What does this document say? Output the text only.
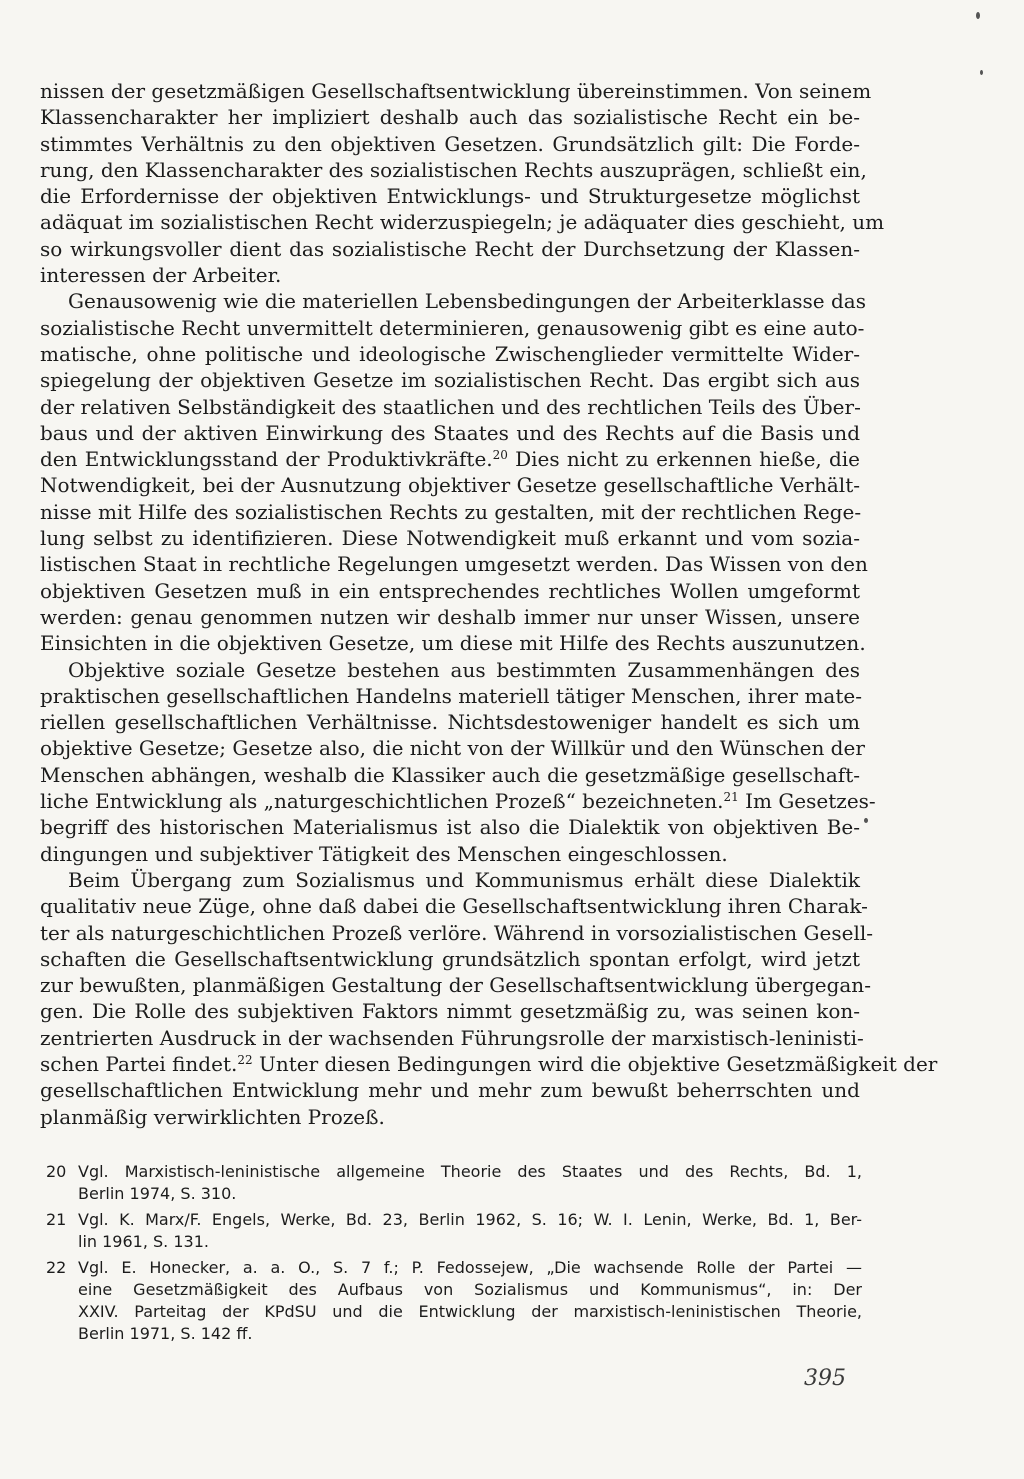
nissen der gesetzmäßigen Gesellschaftsentwicklung übereinstimmen. Von seinem
Klassencharakter her impliziert deshalb auch das sozialistische Recht ein be-
stimmtes Verhältnis zu den objektiven Gesetzen. Grundsätzlich gilt: Die Forde-
rung, den Klassencharakter des sozialistischen Rechts auszuprägen, schließt ein,
die Erfordernisse der objektiven Entwicklungs- und Strukturgesetze möglichst
adäquat im sozialistischen Recht widerzuspiegeln; je adäquater dies geschieht, um
so wirkungsvoller dient das sozialistische Recht der Durchsetzung der Klassen-
interessen der Arbeiter.
Genausowenig wie die materiellen Lebensbedingungen der Arbeiterklasse das
sozialistische Recht unvermittelt determinieren, genausowenig gibt es eine auto-
matische, ohne politische und ideologische Zwischenglieder vermittelte Wider-
spiegelung der objektiven Gesetze im sozialistischen Recht. Das ergibt sich aus
der relativen Selbständigkeit des staatlichen und des rechtlichen Teils des Über-
baus und der aktiven Einwirkung des Staates und des Rechts auf die Basis und
den Entwicklungsstand der Produktivkräfte.$^{20}$ Dies nicht zu erkennen hieße, die
Notwendigkeit, bei der Ausnutzung objektiver Gesetze gesellschaftliche Verhält-
nisse mit Hilfe des sozialistischen Rechts zu gestalten, mit der rechtlichen Rege-
lung selbst zu identifizieren. Diese Notwendigkeit muß erkannt und vom sozia-
listischen Staat in rechtliche Regelungen umgesetzt werden. Das Wissen von den
objektiven Gesetzen muß in ein entsprechendes rechtliches Wollen umgeformt
werden: genau genommen nutzen wir deshalb immer nur unser Wissen, unsere
Einsichten in die objektiven Gesetze, um diese mit Hilfe des Rechts auszunutzen.
Objektive soziale Gesetze bestehen aus bestimmten Zusammenhängen des
praktischen gesellschaftlichen Handelns materiell tätiger Menschen, ihrer mate-
riellen gesellschaftlichen Verhältnisse. Nichtsdestoweniger handelt es sich um
objektive Gesetze; Gesetze also, die nicht von der Willkür und den Wünschen der
Menschen abhängen, weshalb die Klassiker auch die gesetzmäßige gesellschaft-
liche Entwicklung als „naturgeschichtlichen Prozeß“ bezeichneten.$^{21}$ Im Gesetzes-
begriff des historischen Materialismus ist also die Dialektik von objektiven Be-
dingungen und subjektiver Tätigkeit des Menschen eingeschlossen.
Beim Übergang zum Sozialismus und Kommunismus erhält diese Dialektik
qualitativ neue Züge, ohne daß dabei die Gesellschaftsentwicklung ihren Charak-
ter als naturgeschichtlichen Prozeß verlöre. Während in vorsozialistischen Gesell-
schaften die Gesellschaftsentwicklung grundsätzlich spontan erfolgt, wird jetzt
zur bewußten, planmäßigen Gestaltung der Gesellschaftsentwicklung übergegan-
gen. Die Rolle des subjektiven Faktors nimmt gesetzmäßig zu, was seinen kon-
zentrierten Ausdruck in der wachsenden Führungsrolle der marxistisch-leninisti-
schen Partei findet.$^{22}$ Unter diesen Bedingungen wird die objektive Gesetzmäßigkeit der
gesellschaftlichen Entwicklung mehr und mehr zum bewußt beherrschten und
planmäßig verwirklichten Prozeß.
20 Vgl. Marxistisch-leninistische allgemeine Theorie des Staates und des Rechts, Bd. 1,
Berlin 1974, S. 310.
21 Vgl. K. Marx/F. Engels, Werke, Bd. 23, Berlin 1962, S. 16; W. I. Lenin, Werke, Bd. 1, Ber-
lin 1961, S. 131.
22 Vgl. E. Honecker, a. a. O., S. 7 f.; P. Fedossejew, „Die wachsende Rolle der Partei —
eine Gesetzmäßigkeit des Aufbaus von Sozialismus und Kommunismus“, in: Der
XXIV. Parteitag der KPdSU und die Entwicklung der marxistisch-leninistischen Theorie,
Berlin 1971, S. 142 ff.
395
